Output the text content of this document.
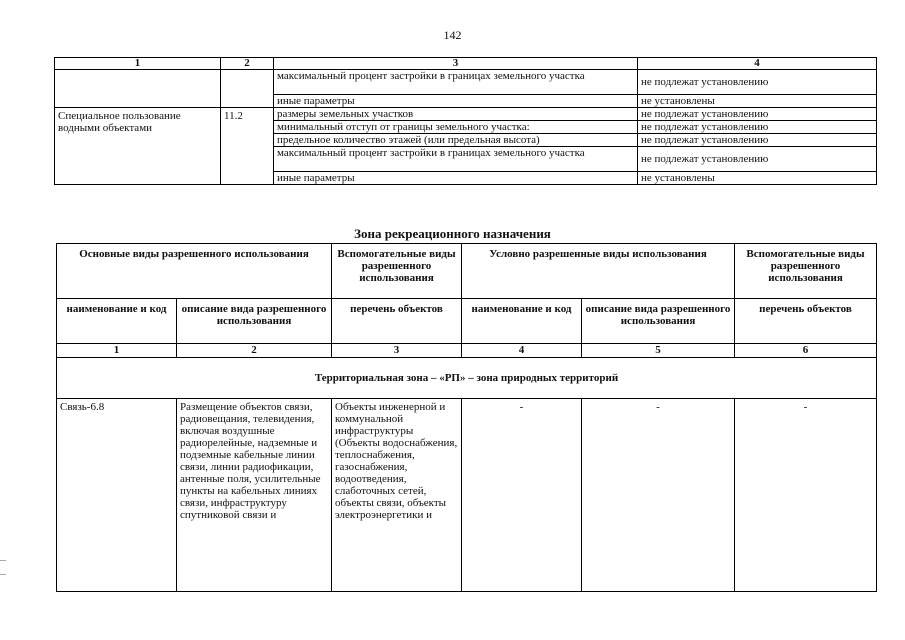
142
1	2	3	4
		максимальный процент застройки в границах земельного участка	не подлежат установлению
		иные параметры	не установлены
Специальное пользование водными объектами	11.2	размеры земельных участков	не подлежат установлению
		минимальный отступ от границы земельного участка:	не подлежат установлению
		предельное количество этажей (или предельная высота)	не подлежат установлению
		максимальный процент застройки в границах земельного участка	не подлежат установлению
		иные параметры	не установлены
Зона рекреационного назначения
Основные виды разрешенного использования		Вспомогательные виды разрешенного использования	Условно разрешенные виды использования		Вспомогательные виды разрешенного использования
наименование и код	описание вида разрешенного использования	перечень объектов	наименование и код	описание вида разрешенного использования	перечень объектов
1	2	3	4	5	6
Территориальная зона – «РП» – зона природных территорий					
Связь-6.8	Размещение объектов связи, радиовещания, телевидения, включая воздушные радиорелейные, надземные и подземные кабельные линии связи, линии радиофикации, антенные поля, усилительные пункты на кабельных линиях связи, инфраструктуру спутниковой связи и	Объекты инженерной и коммунальной инфраструктуры (Объекты водоснабжения, теплоснабжения, газоснабжения, водоотведения, слаботочных сетей, объекты связи, объекты электроэнергетики и	-	-	-
